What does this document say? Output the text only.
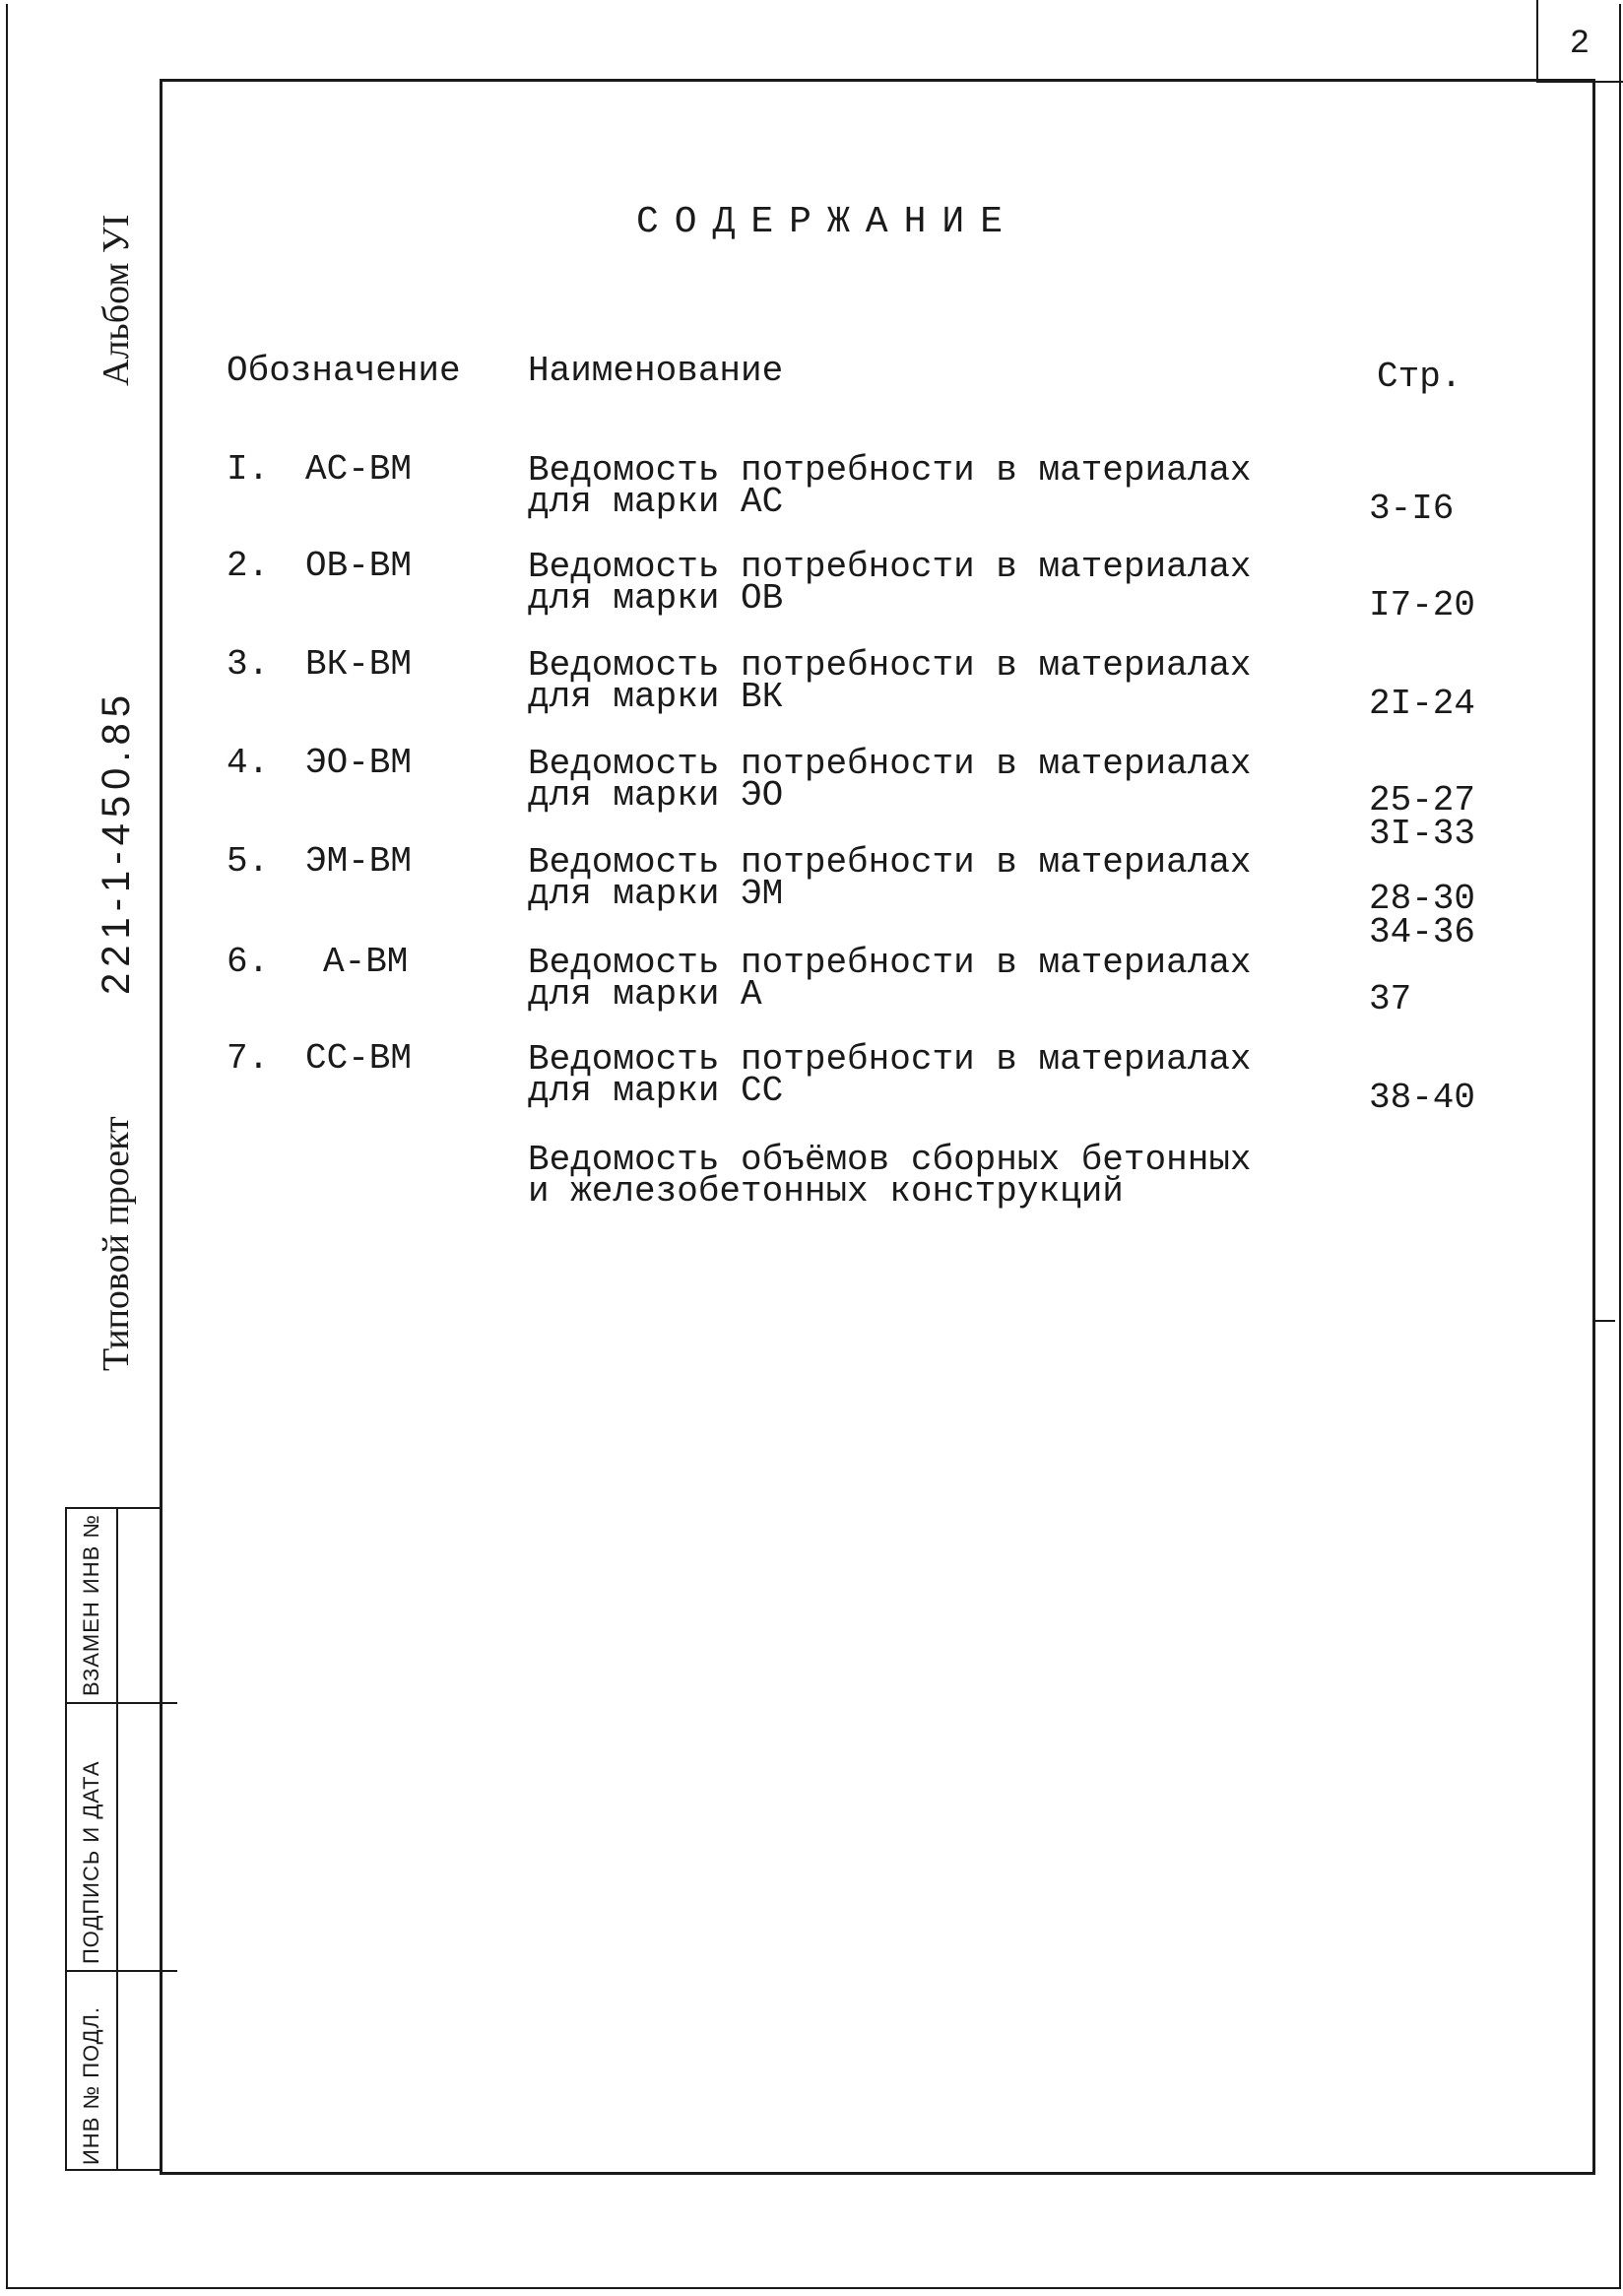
2
СОДЕРЖАНИЕ
Обозначение Наименование	Стр.
I. АС-ВМ	Ведомость потребности в материалах
для марки АС	3-I6
2. ОВ-ВМ	Ведомость потребности в материалах
для марки ОВ	I7-20
3. ВК-ВМ	Ведомость потребности в материалах
для марки ВК	2I-24
4. ЭО-ВМ	Ведомость потребности в материалах
для марки ЭО	25-27
3I-33
5. ЭМ-ВМ	Ведомость потребности в материалах
для марки ЭМ	28-30
34-36
6. А-ВМ	Ведомость потребности в материалах
для марки А	37
7. СС-ВМ	Ведомость потребности в материалах
для марки СС	38-40
Ведомость объёмов сборных бетонных
и железобетонных конструкций
Альбом УI
221-1-450.85
Типовой проект
ВЗАМЕН ИНВ №
ПОДПИСЬ И ДАТА
ИНВ № ПОДЛ.
